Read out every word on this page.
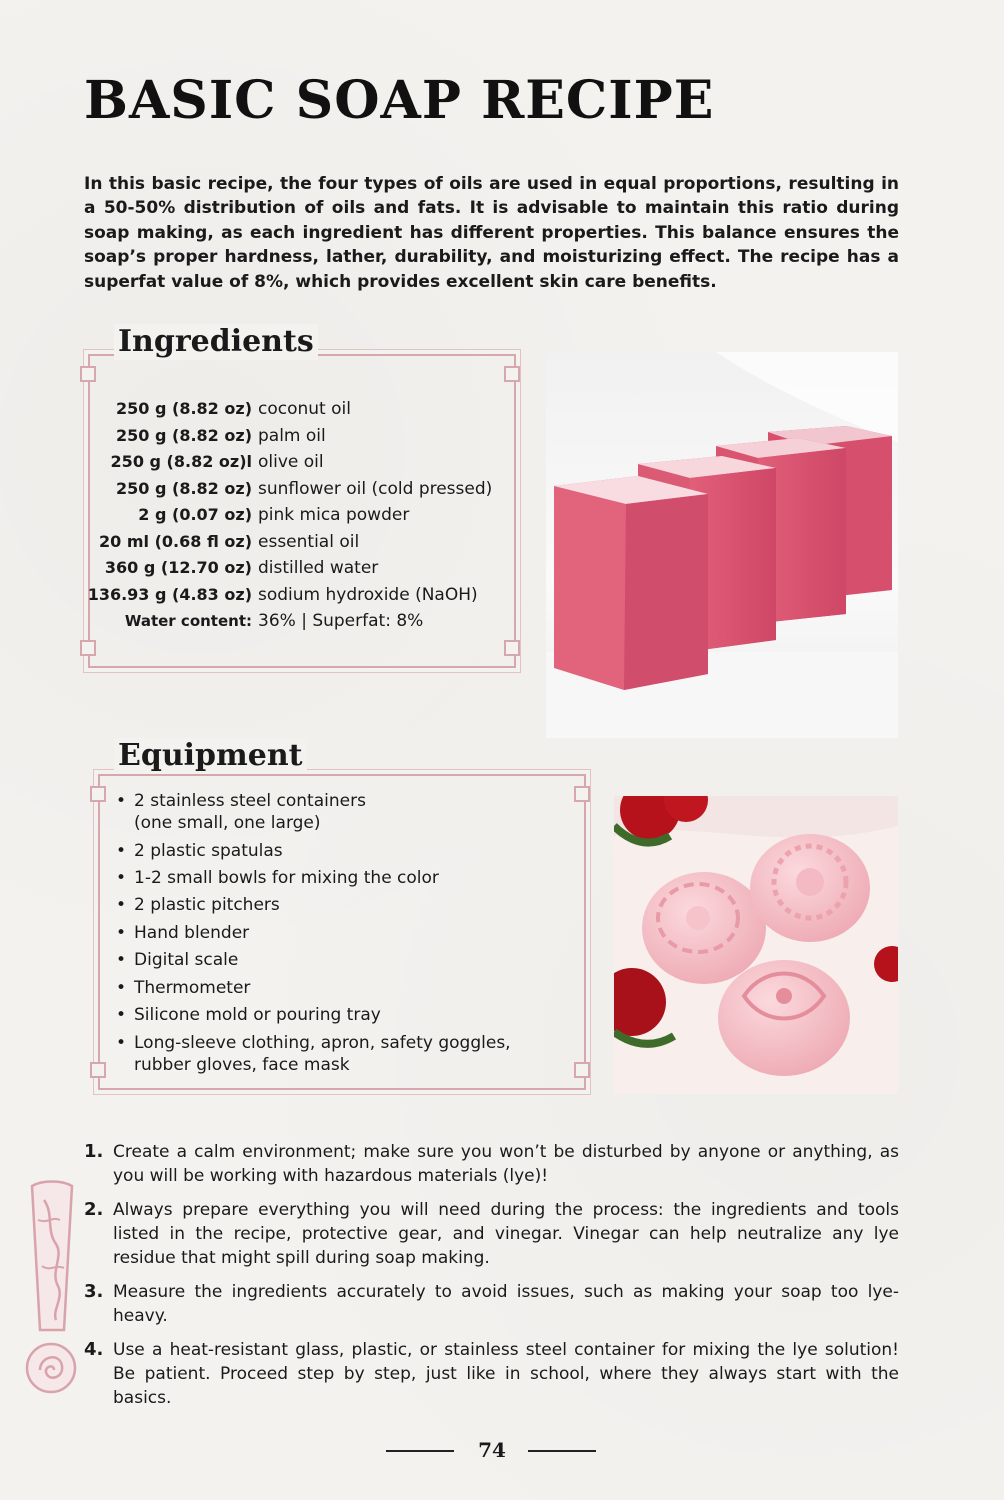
BASIC SOAP RECIPE

In this basic recipe, the four types of oils are used in equal proportions, resulting in a 50-50% distribution of oils and fats. It is advisable to maintain this ratio during soap making, as each ingredient has different properties. This balance ensures the soap’s proper hardness, lather, durability, and moisturizing effect. The recipe has a superfat value of 8%, which provides excellent skin care benefits.

Ingredients
250 g (8.82 oz) coconut oil
250 g (8.82 oz) palm oil
250 g (8.82 oz)l olive oil
250 g (8.82 oz) sunflower oil (cold pressed)
2 g (0.07 oz) pink mica powder
20 ml (0.68 fl oz) essential oil
360 g (12.70 oz) distilled water
136.93 g (4.83 oz) sodium hydroxide (NaOH)
Water content: 36% | Superfat: 8%
Equipment
• 2 stainless steel containers (one small, one large)
• 2 plastic spatulas
• 1-2 small bowls for mixing the color
• 2 plastic pitchers
• Hand blender
• Digital scale
• Thermometer
• Silicone mold or pouring tray
• Long-sleeve clothing, apron, safety goggles, rubber gloves, face mask
1. Create a calm environment; make sure you won’t be disturbed by anyone or anything, as you will be working with hazardous materials (lye)!

2. Always prepare everything you will need during the process: the ingredients and tools listed in the recipe, protective gear, and vinegar. Vinegar can help neutralize any lye residue that might spill during soap making.

3. Measure the ingredients accurately to avoid issues, such as making your soap too lye-heavy.

4. Use a heat-resistant glass, plastic, or stainless steel container for mixing the lye solution! Be patient. Proceed step by step, just like in school, where they always start with the basics.

74
